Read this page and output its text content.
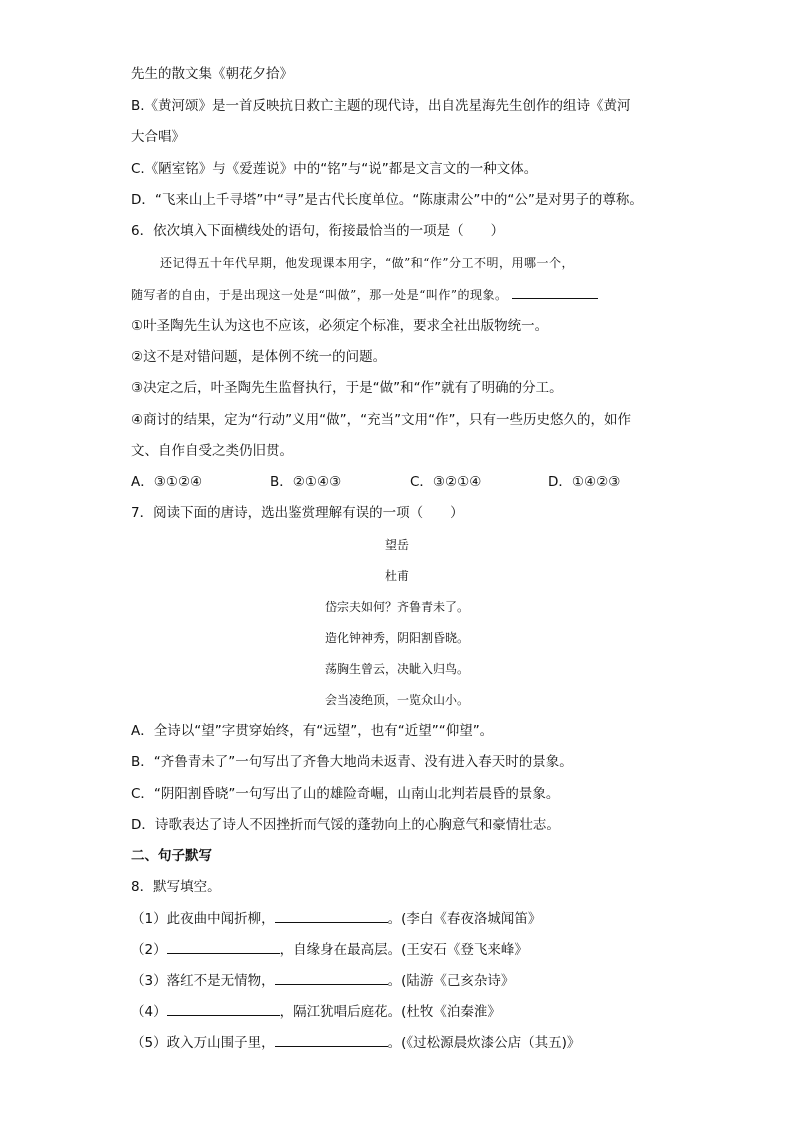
先生的散文集《朝花夕拾》
B.《黄河颂》是一首反映抗日救亡主题的现代诗，出自冼星海先生创作的组诗《黄河
大合唱》
C.《陋室铭》与《爱莲说》中的“铭”与“说”都是文言文的一种文体。
D．“飞来山上千寻塔”中“寻”是古代长度单位。“陈康肃公”中的“公”是对男子的尊称。
6．依次填入下面横线处的语句，衔接最恰当的一项是（　　）
还记得五十年代早期，他发现课本用字，“做”和“作”分工不明，用哪一个，
随写者的自由，于是出现这一处是“叫做”，那一处是“叫作”的现象。
①叶圣陶先生认为这也不应该，必须定个标准，要求全社出版物统一。
②这不是对错问题，是体例不统一的问题。
③决定之后，叶圣陶先生监督执行，于是“做”和“作”就有了明确的分工。
④商讨的结果，定为“行动”义用“做”，“充当”文用“作”，只有一些历史悠久的，如作
文、自作自受之类仍旧贯。
A．③①②④	B．②①④③	C．③②①④	D．①④②③
7．阅读下面的唐诗，选出鉴赏理解有误的一项（　　）
望岳
杜甫
岱宗夫如何？齐鲁青未了。
造化钟神秀，阴阳割昏晓。
荡胸生曾云，决眦入归鸟。
会当凌绝顶，一览众山小。
A．全诗以“望”字贯穿始终，有“远望”，也有“近望”“仰望”。
B．“齐鲁青未了”一句写出了齐鲁大地尚未返青、没有进入春天时的景象。
C．“阴阳割昏晓”一句写出了山的雄险奇崛，山南山北判若晨昏的景象。
D．诗歌表达了诗人不因挫折而气馁的蓬勃向上的心胸意气和豪情壮志。
二、句子默写
8．默写填空。
（1）此夜曲中闻折柳，	。(李白《春夜洛城闻笛》
（2）	，自缘身在最高层。(王安石《登飞来峰》
（3）落红不是无情物，	。(陆游《己亥杂诗》
（4）	，隔江犹唱后庭花。(杜牧《泊秦淮》
（5）政入万山围子里，	。(《过松源晨炊漆公店（其五)》
